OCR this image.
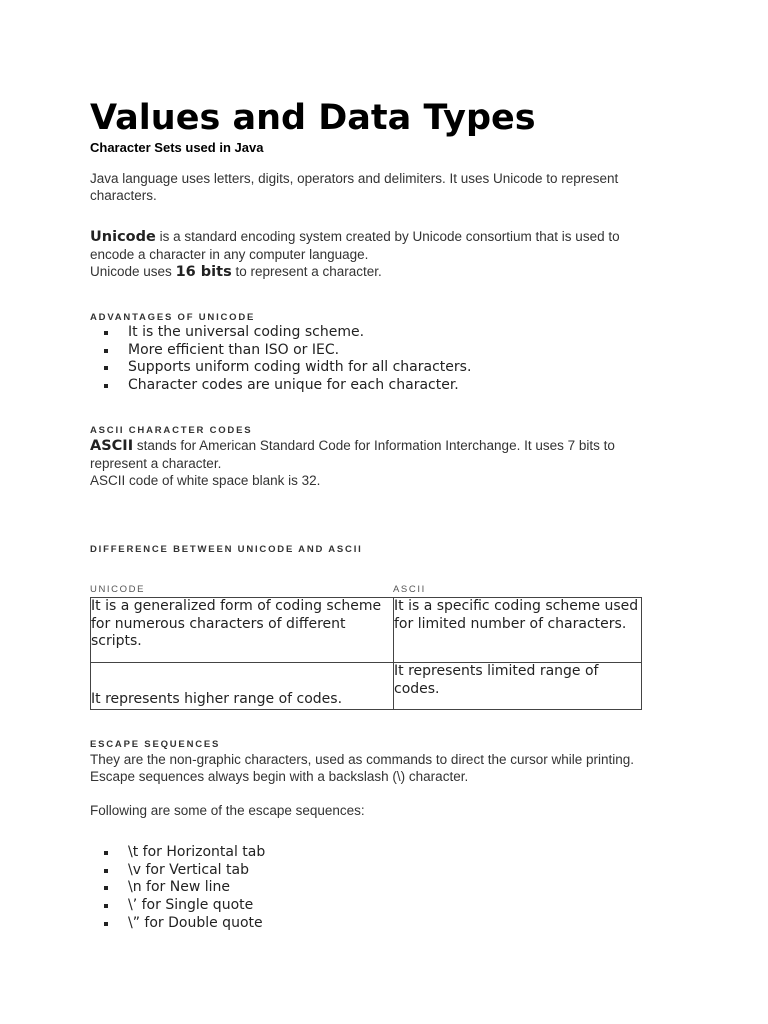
Values and Data Types

Character Sets used in Java

Java language uses letters, digits, operators and delimiters. It uses Unicode to represent characters.

Unicode is a standard encoding system created by Unicode consortium that is used to encode a character in any computer language.
Unicode uses 16 bits to represent a character.

ADVANTAGES OF UNICODE

It is the universal coding scheme.
More efficient than ISO or IEC.
Supports uniform coding width for all characters.
Character codes are unique for each character.

ASCII CHARACTER CODES

ASCII stands for American Standard Code for Information Interchange. It uses 7 bits to represent a character.
ASCII code of white space blank is 32.

DIFFERENCE BETWEEN UNICODE AND ASCII

UNICODE	ASCII
It is a generalized form of coding scheme for numerous characters of different scripts.	It is a specific coding scheme used for limited number of characters.
It represents higher range of codes.	It represents limited range of codes.

ESCAPE SEQUENCES

They are the non-graphic characters, used as commands to direct the cursor while printing. Escape sequences always begin with a backslash (\) character.

Following are some of the escape sequences:

\t for Horizontal tab
\v for Vertical tab
\n for New line
\’ for Single quote
\” for Double quote
